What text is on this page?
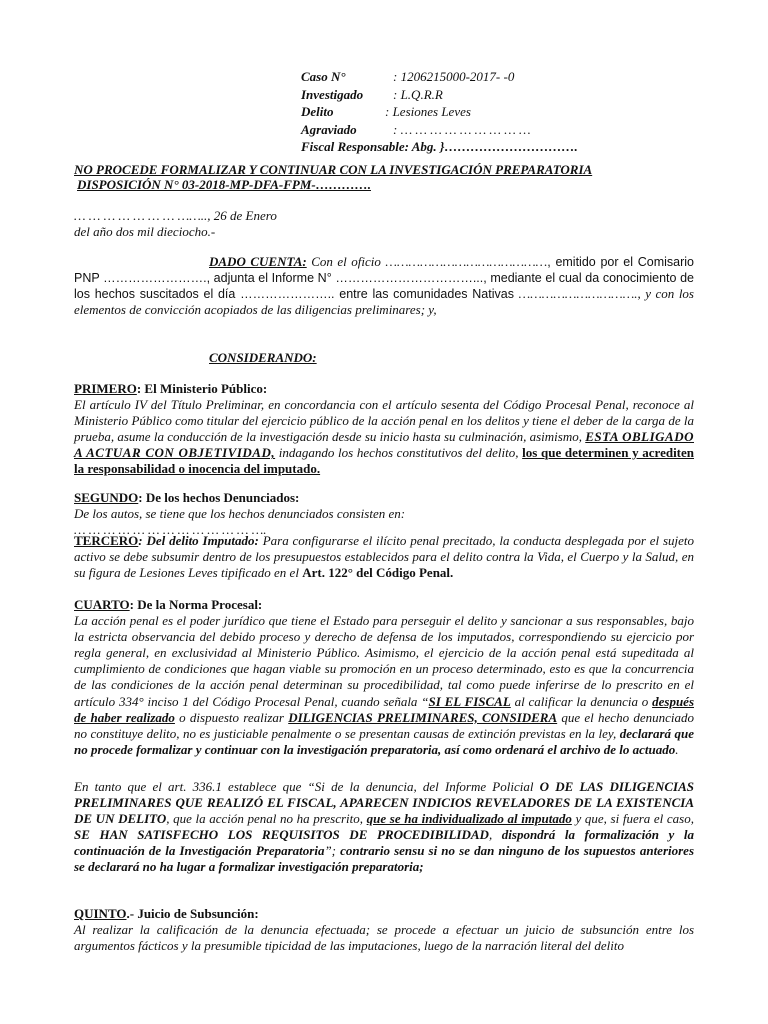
Caso N°	: 1206215000-2017- -0
Investigado : L.Q.R.R
Delito	: Lesiones Leves
Agraviado	: … … … … … … … … …
Fiscal Responsable: Abg. }………………………….
NO PROCEDE FORMALIZAR Y CONTINUAR CON LA INVESTIGACIÓN PREPARATORIA
DISPOSICIÓN N° 03-2018-MP-DFA-FPM-………….

… … … … … … … …….., 26 de Enero

del año dos mil dieciocho.-

DADO CUENTA: Con el oficio ……………………………………, emitido por el Comisario PNP ……………………., adjunta el Informe N° ……………………………..., mediante el cual da conocimiento de los hechos suscitados el día ………………….. entre las comunidades Nativas …………………………., y con los elementos de convicción acopiados de las diligencias preliminares; y,

CONSIDERANDO:

PRIMERO: El Ministerio Público:

El artículo IV del Título Preliminar, en concordancia con el artículo sesenta del Código Procesal Penal, reconoce al Ministerio Público como titular del ejercicio público de la acción penal en los delitos y tiene el deber de la carga de la prueba, asume la conducción de la investigación desde su inicio hasta su culminación, asimismo, ESTA OBLIGADO A ACTUAR CON OBJETIVIDAD, indagando los hechos constitutivos del delito, los que determinen y acrediten la responsabilidad o inocencia del imputado.

SEGUNDO: De los hechos Denunciados:

De los autos, se tiene que los hechos denunciados consisten en:

… … … … … … … … … … … … ….

TERCERO: Del delito Imputado: Para configurarse el ilícito penal precitado, la conducta desplegada por el sujeto activo se debe subsumir dentro de los presupuestos establecidos para el delito contra la Vida, el Cuerpo y la Salud, en su figura de Lesiones Leves tipificado en el Art. 122° del Código Penal.

CUARTO: De la Norma Procesal:

La acción penal es el poder jurídico que tiene el Estado para perseguir el delito y sancionar a sus responsables, bajo la estricta observancia del debido proceso y derecho de defensa de los imputados, correspondiendo su ejercicio por regla general, en exclusividad al Ministerio Público. Asimismo, el ejercicio de la acción penal está supeditada al cumplimiento de condiciones que hagan viable su promoción en un proceso determinado, esto es que la concurrencia de las condiciones de la acción penal determinan su procedibilidad, tal como puede inferirse de lo prescrito en el artículo 334° inciso 1 del Código Procesal Penal, cuando señala “SI EL FISCAL al calificar la denuncia o después de haber realizado o dispuesto realizar DILIGENCIAS PRELIMINARES, CONSIDERA que el hecho denunciado no constituye delito, no es justiciable penalmente o se presentan causas de extinción previstas en la ley, declarará que no procede formalizar y continuar con la investigación preparatoria, así como ordenará el archivo de lo actuado.

En tanto que el art. 336.1 establece que “Si de la denuncia, del Informe Policial O DE LAS DILIGENCIAS PRELIMINARES QUE REALIZÓ EL FISCAL, APARECEN INDICIOS REVELADORES DE LA EXISTENCIA DE UN DELITO, que la acción penal no ha prescrito, que se ha individualizado al imputado y que, si fuera el caso, SE HAN SATISFECHO LOS REQUISITOS DE PROCEDIBILIDAD, dispondrá la formalización y la continuación de la Investigación Preparatoria”; contrario sensu si no se dan ninguno de los supuestos anteriores se declarará no ha lugar a formalizar investigación preparatoria;

QUINTO.- Juicio de Subsunción:

Al realizar la calificación de la denuncia efectuada; se procede a efectuar un juicio de subsunción entre los argumentos fácticos y la presumible tipicidad de las imputaciones, luego de la narración literal del delito
